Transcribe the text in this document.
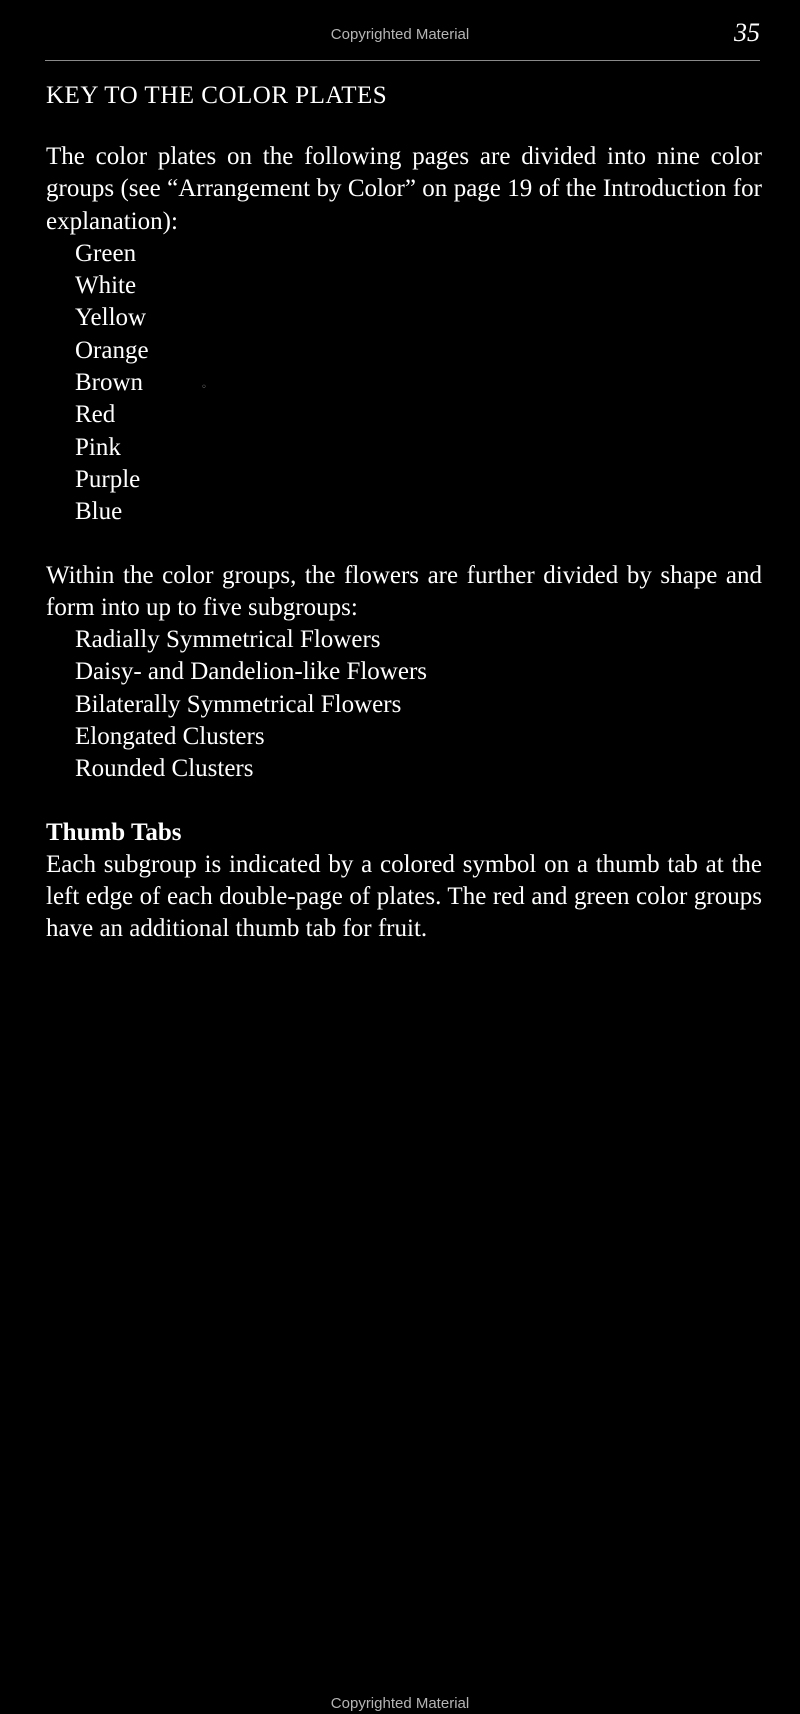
Copyrighted Material	35
◦
KEY TO THE COLOR PLATES

The color plates on the following pages are divided into nine color groups (see “Arrangement by Color” on page 19 of the Introduction for explanation):

Green
White
Yellow
Orange
Brown
Red
Pink
Purple
Blue

Within the color groups, the flowers are further divided by shape and form into up to five subgroups:

Radially Symmetrical Flowers
Daisy- and Dandelion-like Flowers
Bilaterally Symmetrical Flowers
Elongated Clusters
Rounded Clusters
Thumb Tabs

Each subgroup is indicated by a colored symbol on a thumb tab at the left edge of each double-page of plates. The red and green color groups have an additional thumb tab for fruit.

Copyrighted Material
